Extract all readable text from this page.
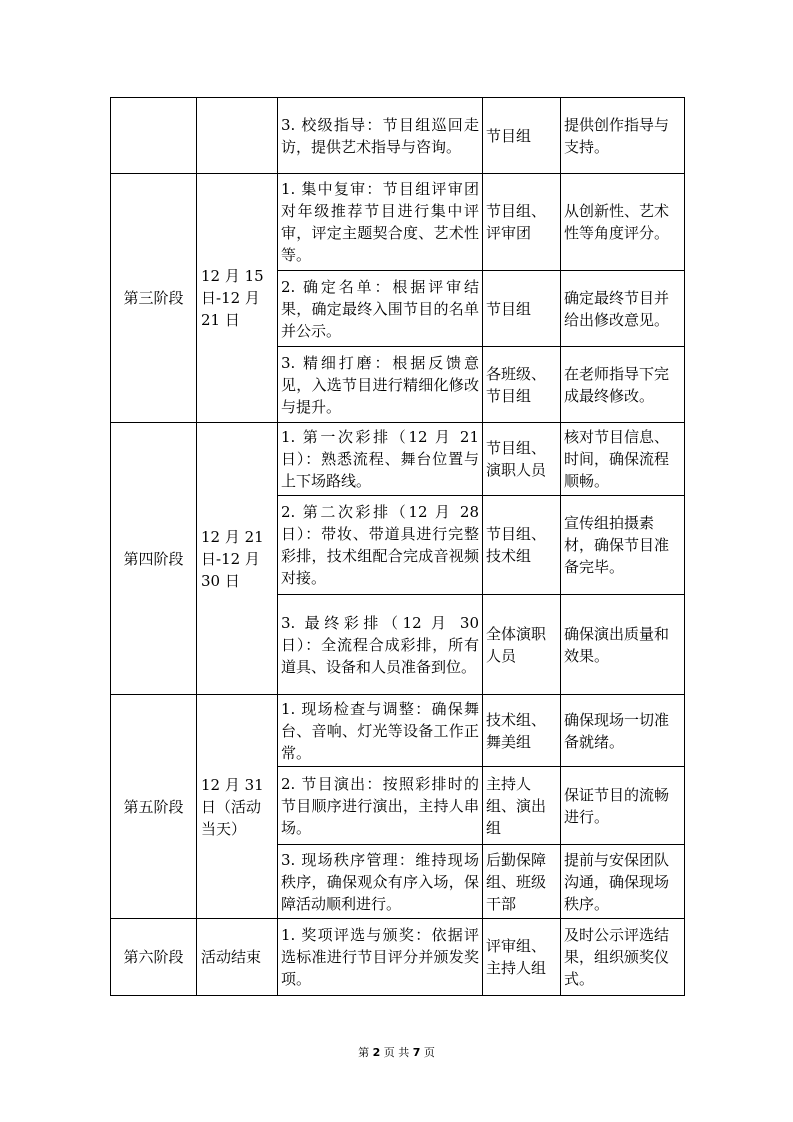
		3. 校级指导：节目组巡回走访，提供艺术指导与咨询。	节目组	提供创作指导与支持。
第三阶段	12 月 15 日-12 月 21 日	1. 集中复审：节目组评审团对年级推荐节目进行集中评审，评定主题契合度、艺术性等。	节目组、评审团	从创新性、艺术性等角度评分。
		2. 确定名单：根据评审结果，确定最终入围节目的名单并公示。	节目组	确定最终节目并给出修改意见。
		3. 精细打磨：根据反馈意见，入选节目进行精细化修改与提升。	各班级、节目组	在老师指导下完成最终修改。
第四阶段	12 月 21 日-12 月 30 日	1. 第一次彩排（12 月 21 日）：熟悉流程、舞台位置与上下场路线。	节目组、演职人员	核对节目信息、时间，确保流程顺畅。
		2. 第二次彩排（12 月 28 日）：带妆、带道具进行完整彩排，技术组配合完成音视频对接。	节目组、技术组	宣传组拍摄素材，确保节目准备完毕。
		3. 最终彩排（12 月 30 日）：全流程合成彩排，所有道具、设备和人员准备到位。	全体演职人员	确保演出质量和效果。
第五阶段	12 月 31 日（活动当天）	1. 现场检查与调整：确保舞台、音响、灯光等设备工作正常。	技术组、舞美组	确保现场一切准备就绪。
		2. 节目演出：按照彩排时的节目顺序进行演出，主持人串场。	主持人组、演出组	保证节目的流畅进行。
		3. 现场秩序管理：维持现场秩序，确保观众有序入场，保障活动顺利进行。	后勤保障组、班级干部	提前与安保团队沟通，确保现场秩序。
第六阶段	活动结束	1. 奖项评选与颁奖：依据评选标准进行节目评分并颁发奖项。	评审组、主持人组	及时公示评选结果，组织颁奖仪式。
第 2 页 共 7 页
